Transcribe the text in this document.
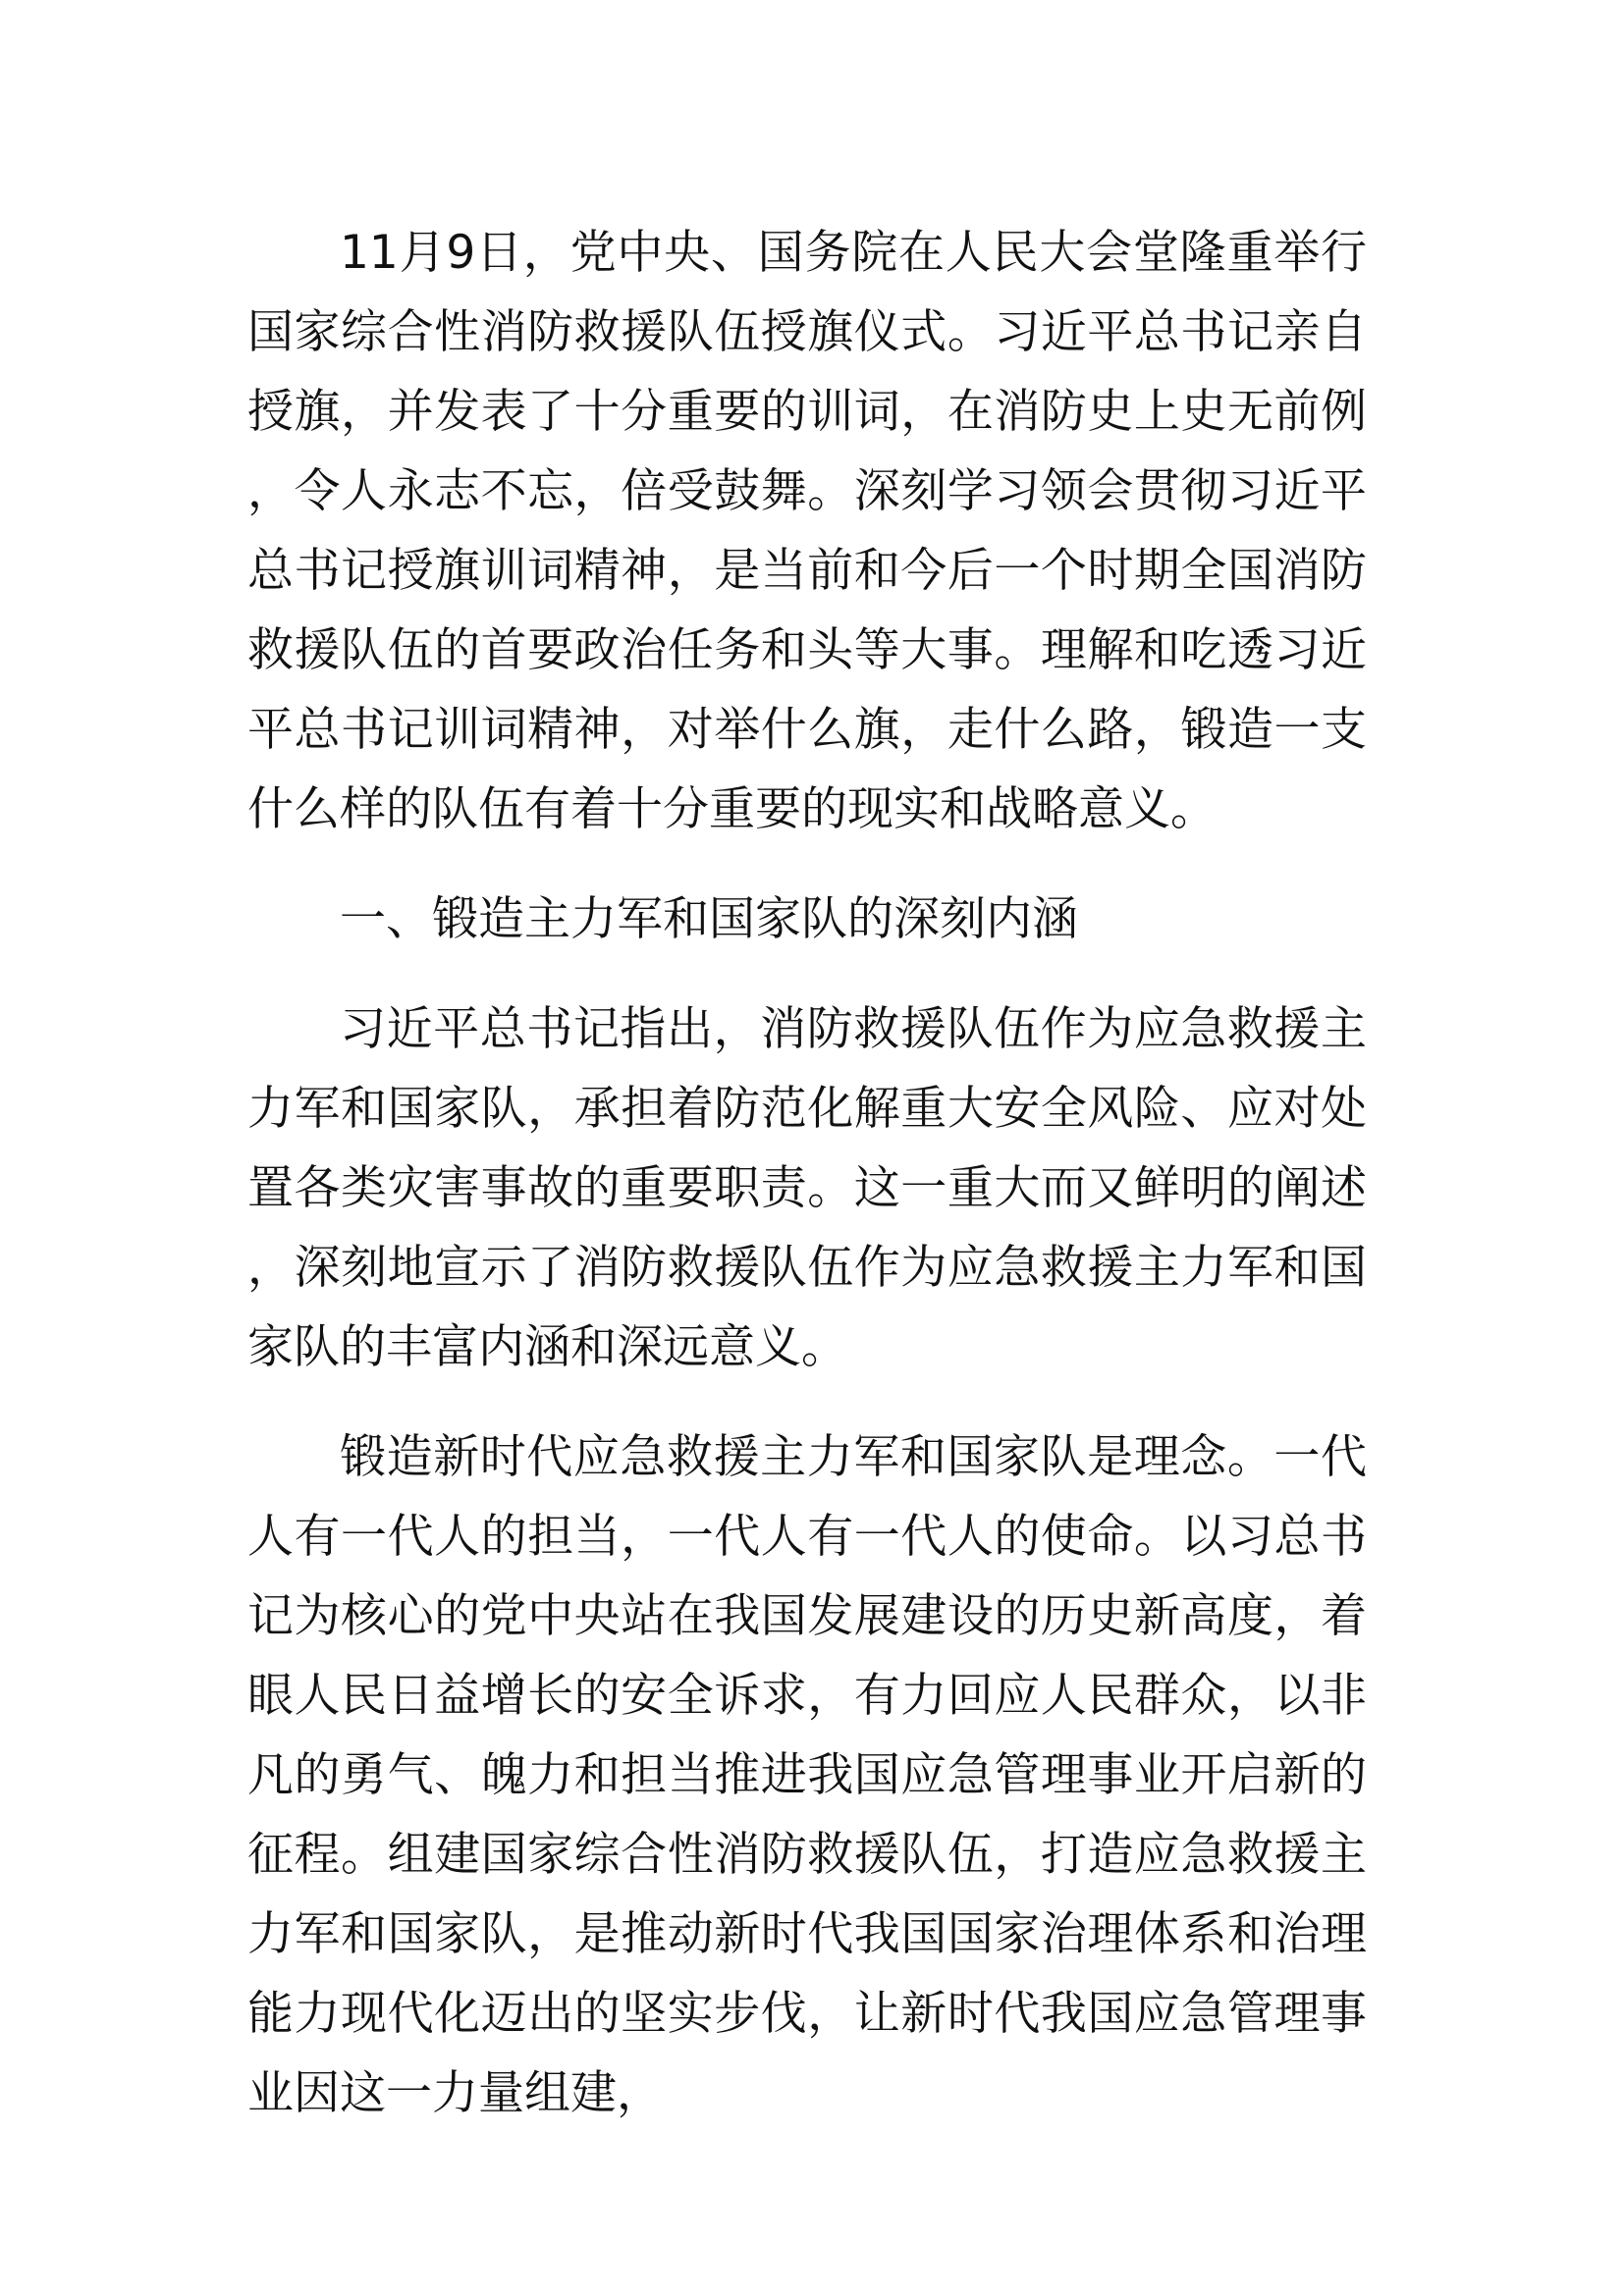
11月9日，党中央、国务院在人民大会堂隆重举行国家综合性消防救援队伍授旗仪式。习近平总书记亲自授旗，并发表了十分重要的训词，在消防史上史无前例，令人永志不忘，倍受鼓舞。深刻学习领会贯彻习近平总书记授旗训词精神，是当前和今后一个时期全国消防救援队伍的首要政治任务和头等大事。理解和吃透习近平总书记训词精神，对举什么旗，走什么路，锻造一支什么样的队伍有着十分重要的现实和战略意义。

一、锻造主力军和国家队的深刻内涵

习近平总书记指出，消防救援队伍作为应急救援主力军和国家队，承担着防范化解重大安全风险、应对处置各类灾害事故的重要职责。这一重大而又鲜明的阐述，深刻地宣示了消防救援队伍作为应急救援主力军和国家队的丰富内涵和深远意义。

锻造新时代应急救援主力军和国家队是理念。一代人有一代人的担当，一代人有一代人的使命。以习总书记为核心的党中央站在我国发展建设的历史新高度，着眼人民日益增长的安全诉求，有力回应人民群众，以非凡的勇气、魄力和担当推进我国应急管理事业开启新的征程。组建国家综合性消防救援队伍，打造应急救援主力军和国家队，是推动新时代我国国家治理体系和治理能力现代化迈出的坚实步伐，让新时代我国应急管理事业因这一力量组建，
